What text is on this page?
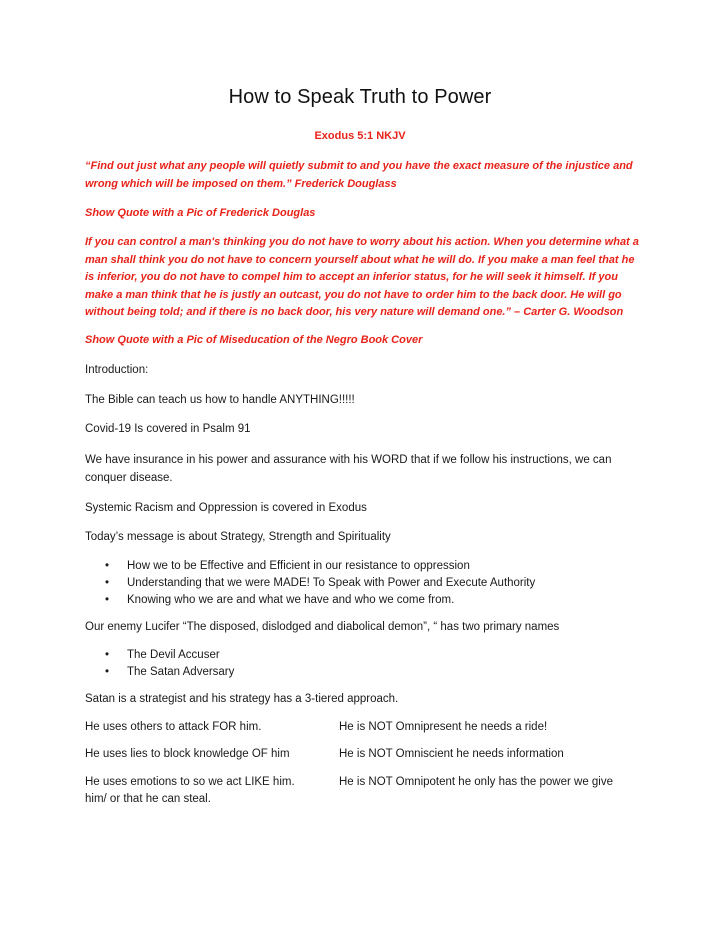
How to Speak Truth to Power
Exodus 5:1 NKJV

“Find out just what any people will quietly submit to and you have the exact measure of the injustice and wrong which will be imposed on them.” Frederick Douglass

Show Quote with a Pic of Frederick Douglas

If you can control a man's thinking you do not have to worry about his action. When you determine what a man shall think you do not have to concern yourself about what he will do. If you make a man feel that he is inferior, you do not have to compel him to accept an inferior status, for he will seek it himself. If you make a man think that he is justly an outcast, you do not have to order him to the back door. He will go without being told; and if there is no back door, his very nature will demand one.” – Carter G. Woodson

Show Quote with a Pic of Miseducation of the Negro Book Cover

Introduction:

The Bible can teach us how to handle ANYTHING!!!!!

Covid-19 Is covered in Psalm 91

We have insurance in his power and assurance with his WORD that if we follow his instructions, we can conquer disease.

Systemic Racism and Oppression is covered in Exodus

Today’s message is about Strategy, Strength and Spirituality

• How we to be Effective and Efficient in our resistance to oppression
• Understanding that we were MADE! To Speak with Power and Execute Authority
• Knowing who we are and what we have and who we come from.

Our enemy Lucifer “The disposed, dislodged and diabolical demon”, “ has two primary names

• The Devil Accuser
• The Satan Adversary

Satan is a strategist and his strategy has a 3-tiered approach.

He uses others to attack FOR him.	He is NOT Omnipresent he needs a ride!
He uses lies to block knowledge OF him	He is NOT Omniscient he needs information
He uses emotions to so we act LIKE him.	He is NOT Omnipotent he only has the power we give
him/ or that he can steal.
